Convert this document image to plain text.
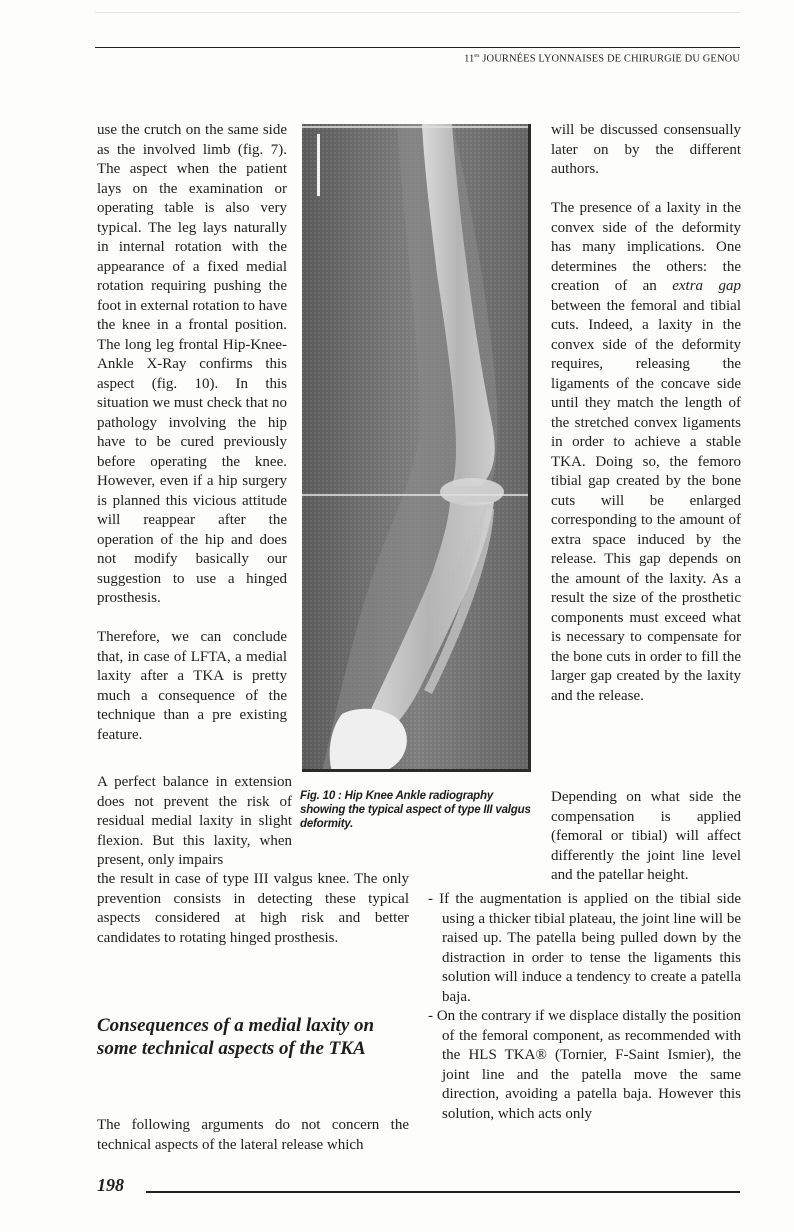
$11^{es}$ JOURNÉES LYONNAISES DE CHIRURGIE DU GENOU

use the crutch on the same side as the involved limb (fig. 7). The aspect when the patient lays on the examination or operating table is also very typical. The leg lays naturally in internal rotation with the appearance of a fixed medial rotation requiring pushing the foot in external rotation to have the knee in a frontal position. The long leg frontal Hip-Knee-Ankle X-Ray confirms this aspect (fig. 10). In this situation we must check that no pathology involving the hip have to be cured previously before operating the knee. However, even if a hip surgery is planned this vicious attitude will reappear after the operation of the hip and does not modify basically our suggestion to use a hinged prosthesis.

Therefore, we can conclude that, in case of LFTA, a medial laxity after a TKA is pretty much a consequence of the technique than a pre existing feature.

A perfect balance in extension does not prevent the risk of residual medial laxity in slight flexion. But this laxity, when present, only impairs

the result in case of type III valgus knee. The only prevention consists in detecting these typical aspects considered at high risk and better candidates to rotating hinged prosthesis.

Consequences of a medial laxity on some technical aspects of the TKA

The following arguments do not concern the technical aspects of the lateral release which

Fig. 10 : Hip Knee Ankle radiography showing the typical aspect of type III valgus deformity.

will be discussed consensually later on by the different authors.

The presence of a laxity in the convex side of the deformity has many implications. One determines the others: the creation of an extra gap between the femoral and tibial cuts. Indeed, a laxity in the convex side of the deformity requires, releasing the ligaments of the concave side until they match the length of the stretched convex ligaments in order to achieve a stable TKA. Doing so, the femoro tibial gap created by the bone cuts will be enlarged corresponding to the amount of extra space induced by the release. This gap depends on the amount of the laxity. As a result the size of the prosthetic components must exceed what is necessary to compensate for the bone cuts in order to fill the larger gap created by the laxity and the release.

Depending on what side the compensation is applied (femoral or tibial) will affect differently the joint line level and the patellar height.

- If the augmentation is applied on the tibial side using a thicker tibial plateau, the joint line will be raised up. The patella being pulled down by the distraction in order to tense the ligaments this solution will induce a tendency to create a patella baja.

- On the contrary if we displace distally the position of the femoral component, as recommended with the HLS TKA® (Tornier, F-Saint Ismier), the joint line and the patella move the same direction, avoiding a patella baja. However this solution, which acts only

198
